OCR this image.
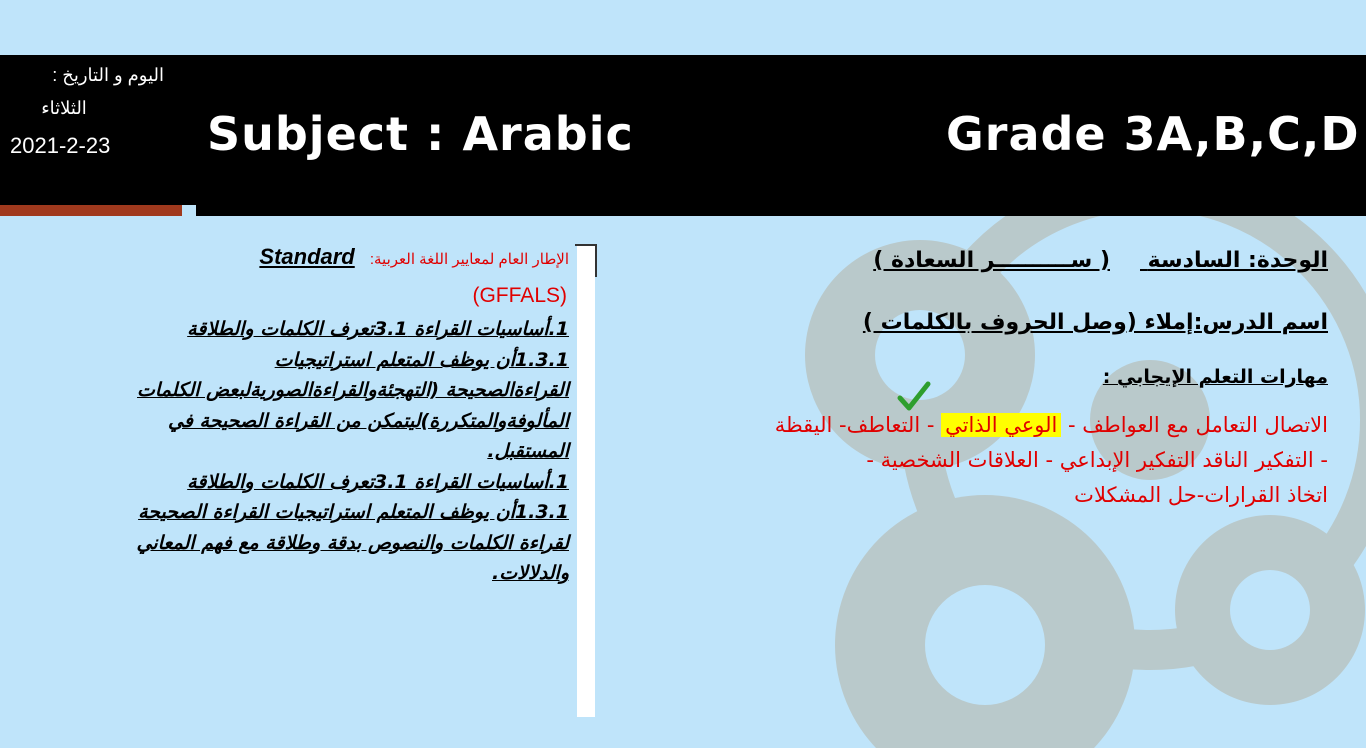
اليوم و التاريخ :
الثلاثاء
2021-2-23 Subject : Arabic	Grade 3A,B,C,D
الإطار العام لمعايير اللغة العربية: Standard
(GFFALS)
1.أساسيات القراءة 3.1تعرف الكلمات والطلاقة
1.3.1أن يوظف المتعلم استراتيجيات
القراءةالصحيحة (التهجئةوالقراءةالصوريةلبعض الكلمات
المألوفةوالمتكررة)ليتمكن من القراءة الصحيحة في
المستقبل.
1.أساسيات القراءة 3.1تعرف الكلمات والطلاقة
1.3.1أن يوظف المتعلم استراتيجيات القراءة الصحيحة
لقراءة الكلمات والنصوص بدقة وطلاقة مع فهم المعاني
والدلالات.
الوحدة: السادسة ( ســــــــــر السعادة )
اسم الدرس:إملاء (وصل الحروف بالكلمات )
مهارات التعلم الإيجابي :
الاتصال التعامل مع العواطف - الوعي الذاتي - التعاطف- اليقظة
- التفكير الناقد التفكير الإبداعي - العلاقات الشخصية -
اتخاذ القرارات-حل المشكلات
